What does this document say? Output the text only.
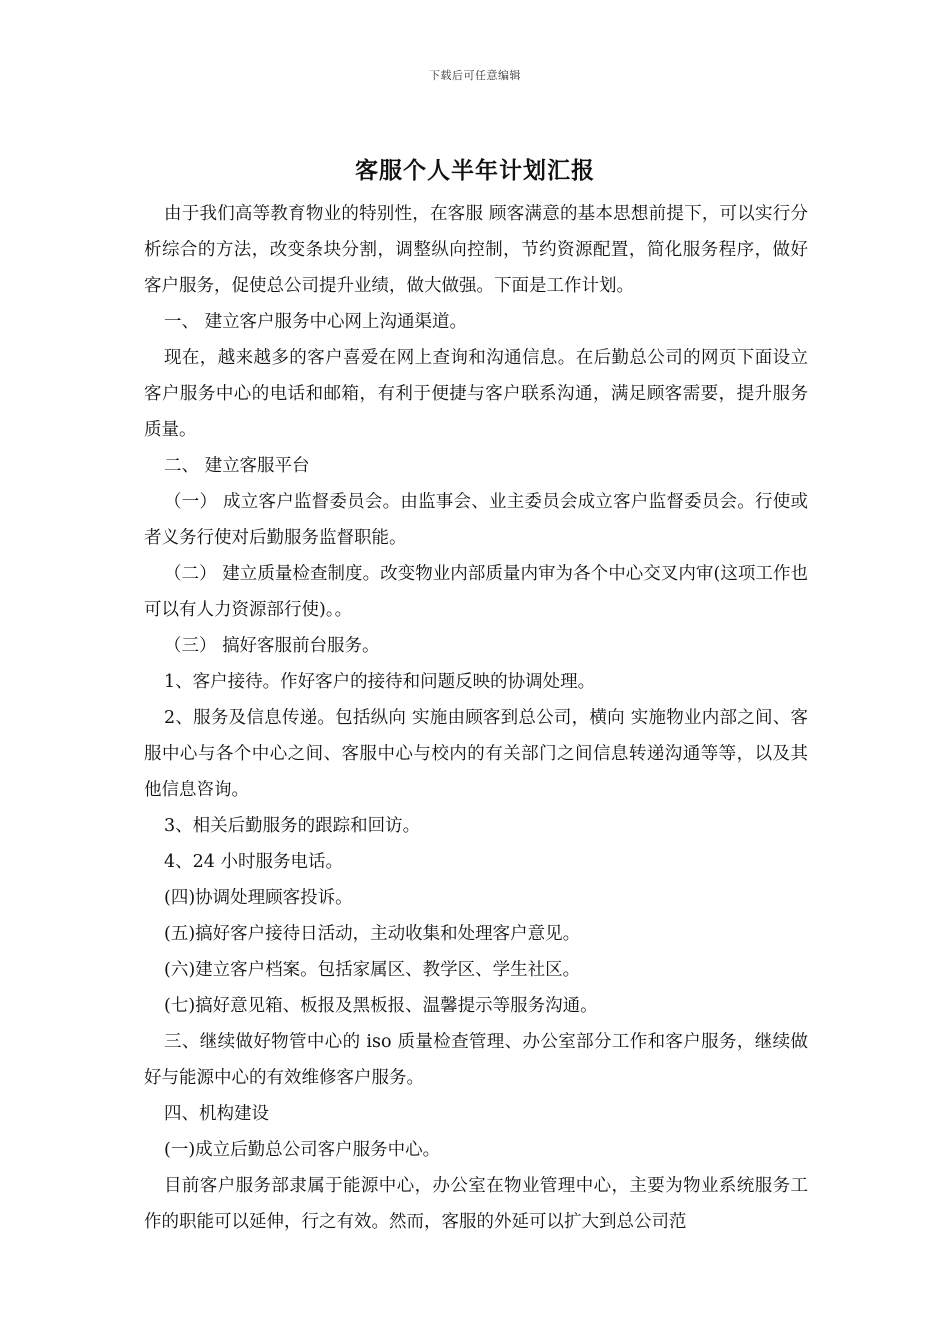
下载后可任意编辑
客服个人半年计划汇报

由于我们高等教育物业的特别性，在客服 顾客满意的基本思想前提下，可以实行分析综合的方法，改变条块分割，调整纵向控制，节约资源配置，简化服务程序，做好客户服务，促使总公司提升业绩，做大做强。下面是工作计划。

一、 建立客户服务中心网上沟通渠道。

现在，越来越多的客户喜爱在网上查询和沟通信息。在后勤总公司的网页下面设立客户服务中心的电话和邮箱，有利于便捷与客户联系沟通，满足顾客需要，提升服务质量。

二、 建立客服平台

（一） 成立客户监督委员会。由监事会、业主委员会成立客户监督委员会。行使或者义务行使对后勤服务监督职能。

（二） 建立质量检查制度。改变物业内部质量内审为各个中心交叉内审(这项工作也可以有人力资源部行使)。。

（三） 搞好客服前台服务。

1、客户接待。作好客户的接待和问题反映的协调处理。

2、服务及信息传递。包括纵向 实施由顾客到总公司，横向 实施物业内部之间、客服中心与各个中心之间、客服中心与校内的有关部门之间信息转递沟通等等，以及其他信息咨询。

3、相关后勤服务的跟踪和回访。

4、24 小时服务电话。

(四)协调处理顾客投诉。

(五)搞好客户接待日活动，主动收集和处理客户意见。

(六)建立客户档案。包括家属区、教学区、学生社区。

(七)搞好意见箱、板报及黑板报、温馨提示等服务沟通。

三、继续做好物管中心的 iso 质量检查管理、办公室部分工作和客户服务，继续做好与能源中心的有效维修客户服务。

四、机构建设

(一)成立后勤总公司客户服务中心。

目前客户服务部隶属于能源中心，办公室在物业管理中心，主要为物业系统服务工作的职能可以延伸，行之有效。然而，客服的外延可以扩大到总公司范
